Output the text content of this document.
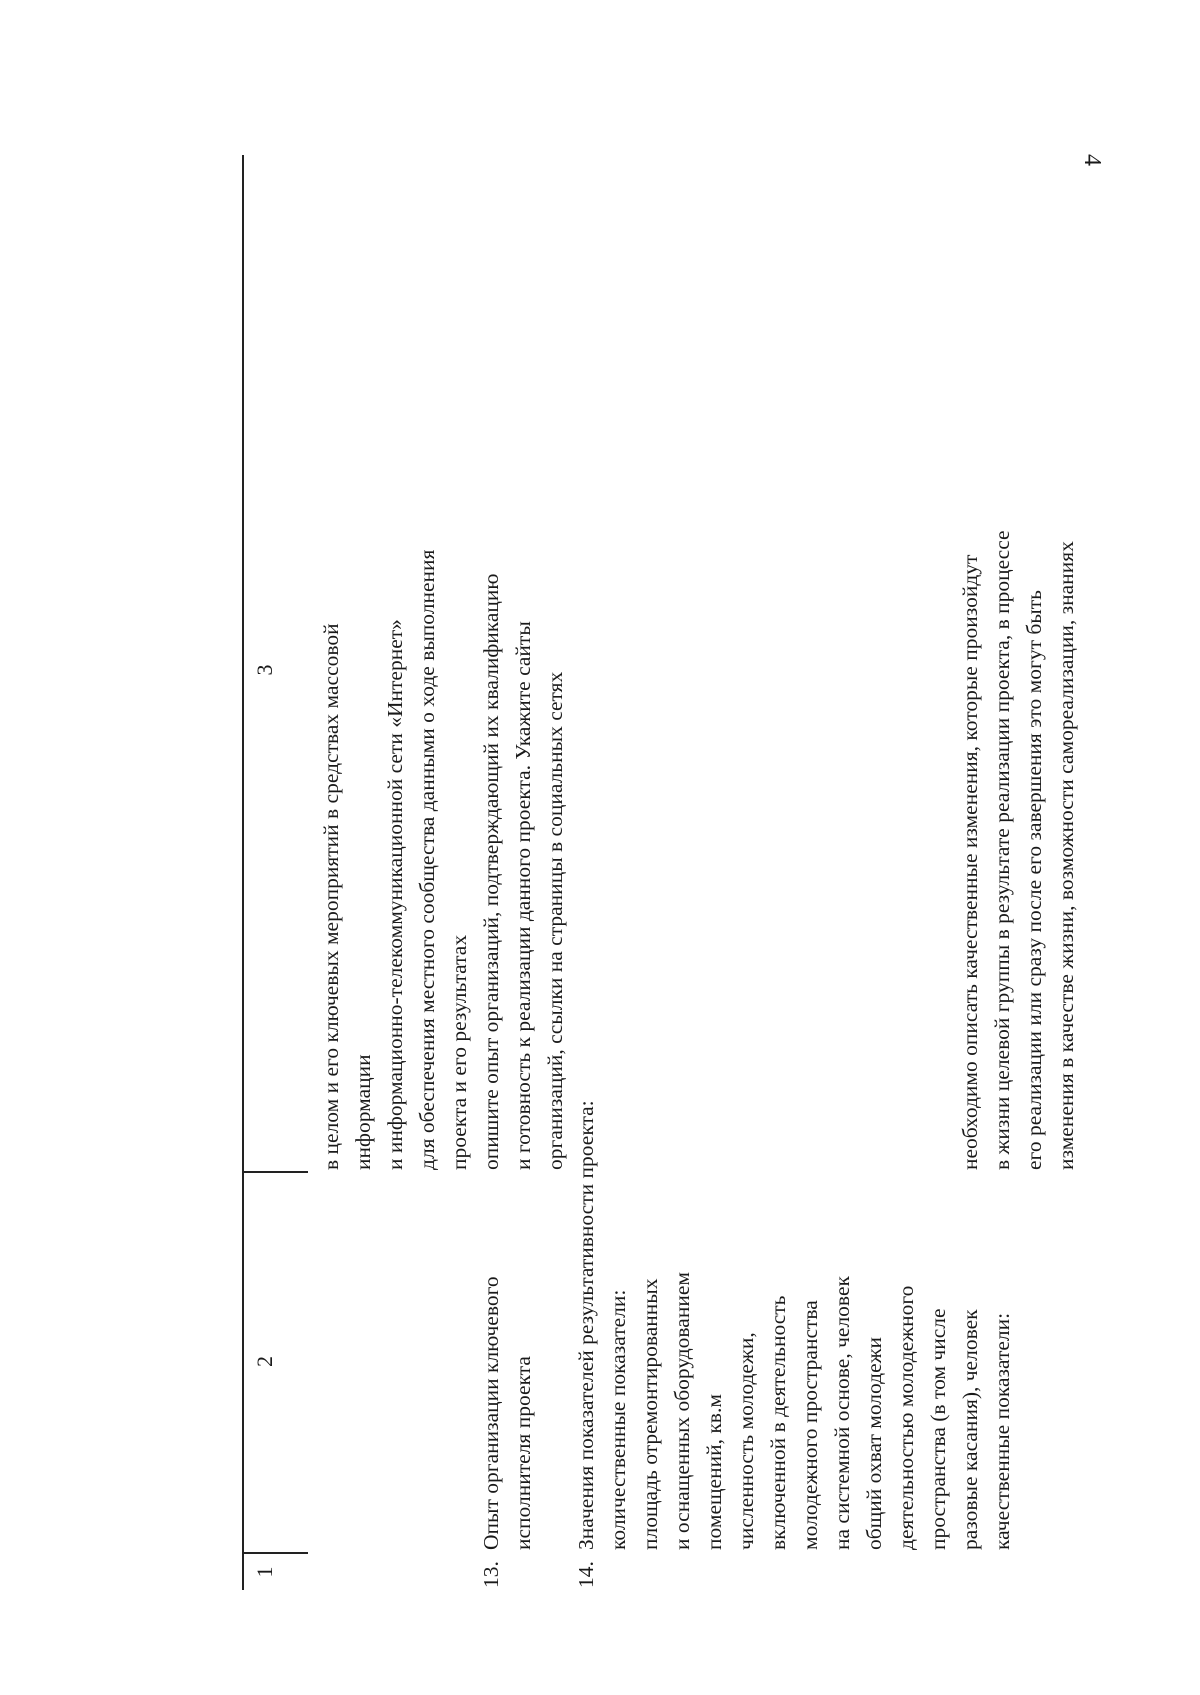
4
1
2
3 в целом и его ключевых мероприятий в средствах массовой информации и информационно-телекоммуникационной сети «Интернет» для обеспечения местного сообщества данными о ходе выполнения проекта и его результатах
13.
Опыт организации ключевого исполнителя проекта
опишите опыт организаций, подтверждающий их квалификацию и готовность к реализации данного проекта. Укажите сайты организаций, ссылки на страницы в социальных сетях
14.
Значения показателей результативности проекта: количественные показатели: площадь отремонтированных и оснащенных оборудованием помещений, кв.м численность молодежи, включенной в деятельность молодежного пространства на системной основе, человек общий охват молодежи деятельностью молодежного пространства (в том числе разовые касания), человек качественные показатели:
необходимо описать качественные изменения, которые произойдут в жизни целевой группы в результате реализации проекта, в процессе его реализации или сразу после его завершения это могут быть изменения в качестве жизни, возможности самореализации, знаниях
